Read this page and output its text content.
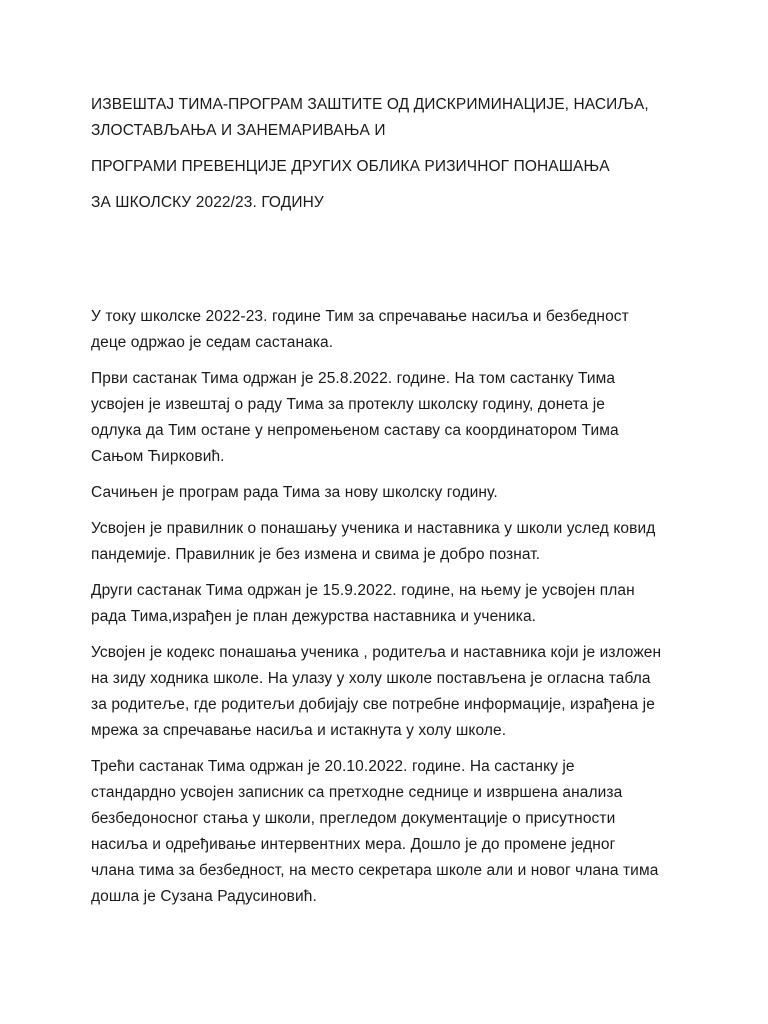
ИЗВЕШТАЈ ТИМА-ПРОГРАМ ЗАШТИТЕ ОД ДИСКРИМИНАЦИЈЕ, НАСИЉА,

ЗЛОСТАВЉАЊА И ЗАНЕМАРИВАЊА И

ПРОГРАМИ ПРЕВЕНЦИЈЕ ДРУГИХ ОБЛИКА РИЗИЧНОГ ПОНАШАЊА

ЗА ШКОЛСКУ 2022/23. ГОДИНУ

У току школске 2022-23. године Тим за спречавање насиља и безбедност
деце одржао је седам састанака.
Први састанак Тима одржан је 25.8.2022. године. На том састанку Тима
усвојен је извештај о раду Тима за протеклу школску годину, донета је
одлука да Тим остане у непромењеном саставу са координатором Тима
Сањом Ћирковић.
Сачињен је програм рада Тима за нову школску годину.
Усвојен је правилник о понашању ученика и наставника у школи услед ковид
пандемије. Правилник је без измена и свима је добро познат.
Други састанак Тима одржан је 15.9.2022. године, на њему је усвојен план
рада Тима,израђен је план дежурства наставника и ученика.
Усвојен је кодекс понашања ученика , родитеља и наставника који је изложен
на зиду ходника школе. На улазу у холу школе постављена је огласна табла
за родитеље, где родитељи добијају све потребне информације, израђена је
мрежа за спречавање насиља и истакнута у холу школе.
Трећи састанак Тима одржан је 20.10.2022. године. На састанку је
стандардно усвојен записник са претходне седнице и извршена анализа
безбедоносног стања у школи, прегледом документације о присутности
насиља и одређивање интервентних мера. Дошло је до промене једног
члана тима за безбедност, на место секретара школе али и новог члана тима
дошла је Сузана Радусиновић.
